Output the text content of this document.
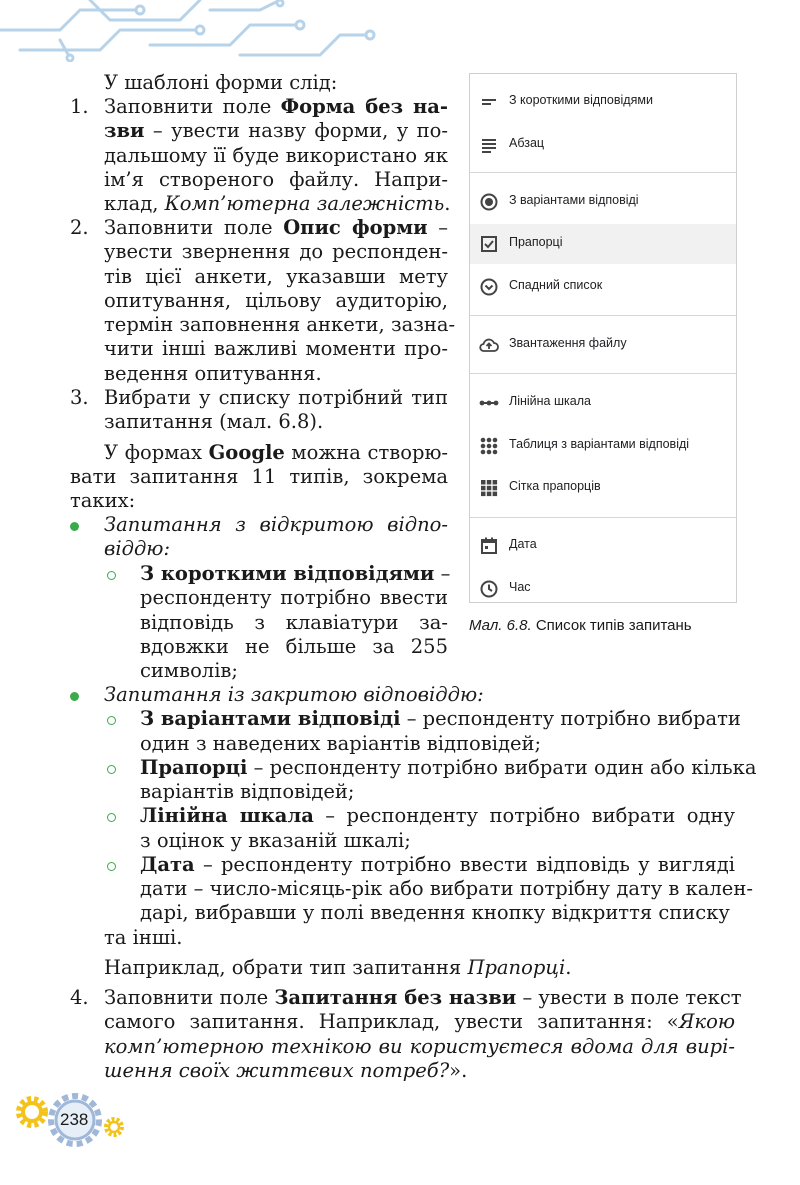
У шаблоні форми слід:
1. Заповнити поле Форма без на-
зви – увести назву форми, у по-
дальшому її буде використано як
ім’я створеного файлу. Напри-
клад, Комп’ютерна залежність.
2. Заповнити поле Опис форми –
увести звернення до респонден-
тів цієї анкети, указавши мету
опитування, цільову аудиторію,
термін заповнення анкети, зазна-
чити інші важливі моменти про-
ведення опитування.
3. Вибрати у списку потрібний тип
запитання (мал. 6.8).
У формах Google можна створю-
вати запитання 11 типів, зокрема
таких:
Запитання з відкритою відпо-
віддю:
З короткими відповідями –
респонденту потрібно ввести
відповідь з клавіатури за-
вдовжки не більше за 255
символів;
Запитання із закритою відповіддю:
З варіантами відповіді – респонденту потрібно вибрати
один з наведених варіантів відповідей;
Прапорці – респонденту потрібно вибрати один або кілька
варіантів відповідей;
Лінійна шкала – респонденту потрібно вибрати одну
з оцінок у вказаній шкалі;
Дата – респонденту потрібно ввести відповідь у вигляді
дати – число-місяць-рік або вибрати потрібну дату в кален-
дарі, вибравши у полі введення кнопку відкриття списку
та інші.
Наприклад, обрати тип запитання Прапорці.
4. Заповнити поле Запитання без назви – увести в поле текст
самого запитання. Наприклад, увести запитання: «Якою
комп’ютерною технікою ви користуєтеся вдома для вирі-
шення своїх життєвих потреб?».
З короткими відповідями
Абзац
З варіантами відповіді
Прапорці
Спадний список
Звантаження файлу
Лінійна шкала
Таблиця з варіантами відповіді
Сітка прапорців
Дата
Час
Мал. 6.8. Список типів запитань
238
